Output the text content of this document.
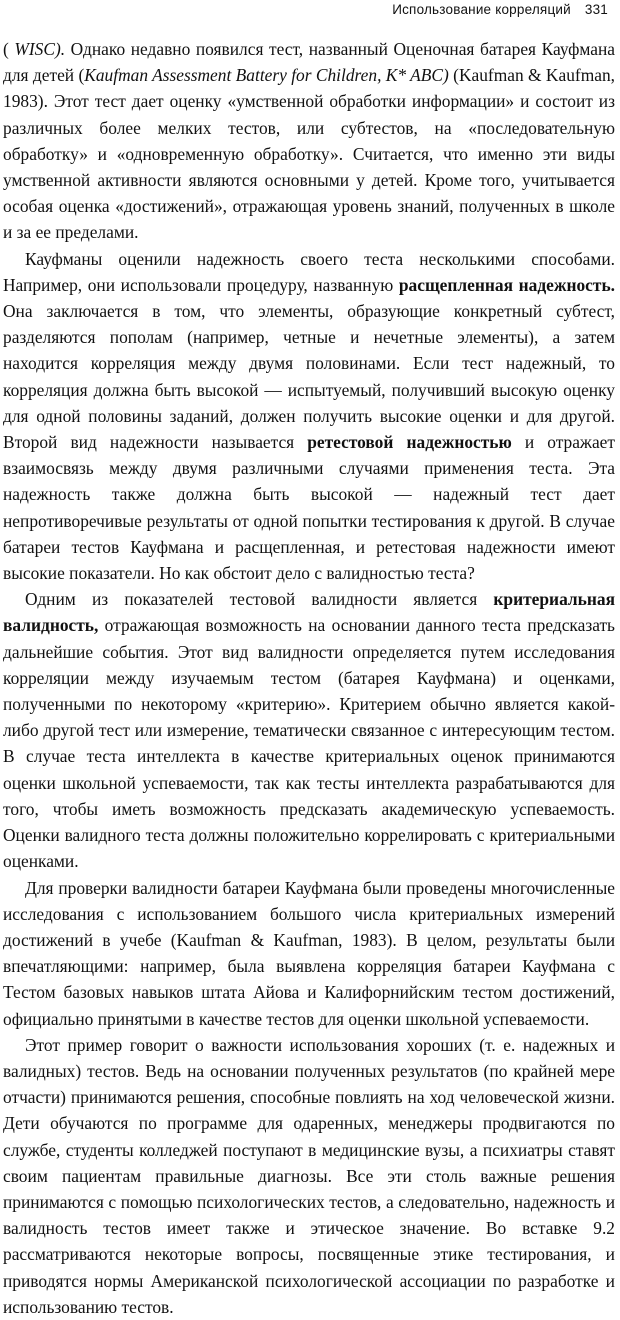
Использование корреляций 331

( WISC). Однако недавно появился тест, названный Оценочная батарея Кауфмана для детей (Kaufman Assessment Battery for Children, K* ABC) (Kaufman & Kaufman, 1983). Этот тест дает оценку «умственной обработки информации» и состоит из различных более мелких тестов, или субтестов, на «последовательную обработку» и «одновременную обработку». Считается, что именно эти виды умственной активности являются основными у детей. Кроме того, учитывается особая оценка «достижений», отражающая уровень знаний, полученных в школе и за ее пределами.

Кауфманы оценили надежность своего теста несколькими способами. Например, они использовали процедуру, названную расщепленная надежность. Она заключается в том, что элементы, образующие конкретный субтест, разделяются пополам (например, четные и нечетные элементы), а затем находится корреляция между двумя половинами. Если тест надежный, то корреляция должна быть высокой — испытуемый, получивший высокую оценку для одной половины заданий, должен получить высокие оценки и для другой. Второй вид надежности называется ретестовой надежностью и отражает взаимосвязь между двумя различными случаями применения теста. Эта надежность также должна быть высокой — надежный тест дает непротиворечивые результаты от одной попытки тестирования к другой. В случае батареи тестов Кауфмана и расщепленная, и ретестовая надежности имеют высокие показатели. Но как обстоит дело с валидностью теста?

Одним из показателей тестовой валидности является критериальная валидность, отражающая возможность на основании данного теста предсказать дальнейшие события. Этот вид валидности определяется путем исследования корреляции между изучаемым тестом (батарея Кауфмана) и оценками, полученными по некоторому «критерию». Критерием обычно является какой-либо другой тест или измерение, тематически связанное с интересующим тестом. В случае теста интеллекта в качестве критериальных оценок принимаются оценки школьной успеваемости, так как тесты интеллекта разрабатываются для того, чтобы иметь возможность предсказать академическую успеваемость. Оценки валидного теста должны положительно коррелировать с критериальными оценками.

Для проверки валидности батареи Кауфмана были проведены многочисленные исследования с использованием большого числа критериальных измерений достижений в учебе (Kaufman & Kaufman, 1983). В целом, результаты были впечатляющими: например, была выявлена корреляция батареи Кауфмана с Тестом базовых навыков штата Айова и Калифорнийским тестом достижений, официально принятыми в качестве тестов для оценки школьной успеваемости.

Этот пример говорит о важности использования хороших (т. е. надежных и валидных) тестов. Ведь на основании полученных результатов (по крайней мере отчасти) принимаются решения, способные повлиять на ход человеческой жизни. Дети обучаются по программе для одаренных, менеджеры продвигаются по службе, студенты колледжей поступают в медицинские вузы, а психиатры ставят своим пациентам правильные диагнозы. Все эти столь важные решения принимаются с помощью психологических тестов, а следовательно, надежность и валидность тестов имеет также и этическое значение. Во вставке 9.2 рассматриваются некоторые вопросы, посвященные этике тестирования, и приводятся нормы Американской психологической ассоциации по разработке и использованию тестов.
